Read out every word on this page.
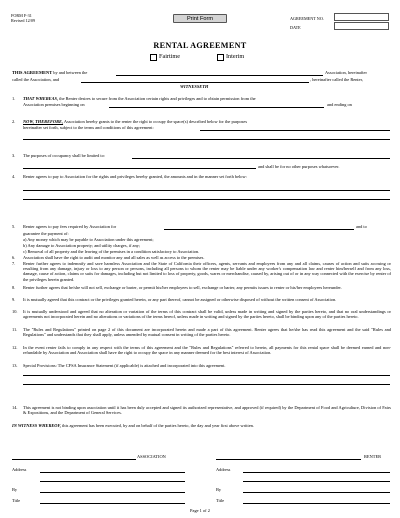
FORM F-31
Revised 12/09	Print Form	AGREEMENT NO.
DATE
RENTAL AGREEMENT
Fairtime	Interim
THIS AGREEMENT by and between the	Association, hereinafter
called the Association, and	, hereinafter called the Renter,
WITNESSETH
1. THAT WHEREAS, the Renter desires to secure from the Association certain rights and privileges and to obtain permission from the
Association premises beginning on	and ending on
2. NOW, THEREFORE, Association hereby grants to the renter the right to occupy the space(s) described below for the purposes
hereinafter set forth, subject to the terms and conditions of this agreement:
3. The purposes of occupancy shall be limited to:
and shall be for no other purposes whatsoever.
4. Renter agrees to pay to Association for the rights and privileges hereby granted, the amounts and in the manner set forth below:
5. Renter agrees to pay fees required by Association for	and to
guarantee the payment of:
a) Any money which may be payable to Association under this agreement;
b) Any damage to Association property; and utility charges, if any;
c) Removal of all property and the leaving of the premises in a condition satisfactory to Association.
6. Association shall have the right to audit and monitor any and all sales as well as access to the premises.
7. Renter further agrees to indemnify and save harmless Association and the State of California their officers, agents, servants and employees from any and all claims, causes of action and suits accruing or resulting from any damage, injury or loss to any person or persons, including all persons to whom the renter may be liable under any worker's compensation law and renter him/herself and from any loss, damage, cause of action, claims or suits for damages, including but not limited to loss of property, goods, wares or merchandise, caused by, arising out of or in any way connected with the exercise by renter of the privileges herein granted.
8. Renter further agrees that he/she will not sell, exchange or barter, or permit his/her employees to sell, exchange or barter, any permits issues to renter or his/her employees hereunder.
9. It is mutually agreed that this contract or the privileges granted herein, or any part thereof, cannot be assigned or otherwise disposed of without the written consent of Association.
10. It is mutually understood and agreed that no alteration or variation of the terms of this contract shall be valid, unless made in writing and signed by the parties hereto, and that no oral understandings or agreements not incorporated herein and no alterations or variations of the terms hereof, unless made in writing and signed by the parties hereto, shall be binding upon any of the parties hereto.
11. The "Rules and Regulations" printed on page 2 of this document are incorporated herein and made a part of this agreement. Renter agrees that he/she has read this agreement and the said "Rules and Regulations" and understands that they shall apply, unless amended by mutual consent in writing of the parties hereto.
12. In the event renter fails to comply in any respect with the terms of this agreement and the "Rules and Regulations" referred to herein, all payments for this rental space shall be deemed earned and non-refundable by Association and Association shall have the right to occupy the space in any manner deemed for the best interest of Association.
13. Special Provisions: The CFSA Insurance Statement (if applicable) is attached and incorporated into this agreement.
14. This agreement is not binding upon association until it has been duly accepted and signed its authorized representative, and approved (if required) by the Department of Food and Agriculture, Division of Fairs & Expositions, and the Department of General Services.
IN WITNESS WHEREOF, this agreement has been executed, by and on behalf of the parties hereto, the day and year first above written.
ASSOCIATION
Address
By
Title
RENTER
Address
By
Title
Page 1 of 2
